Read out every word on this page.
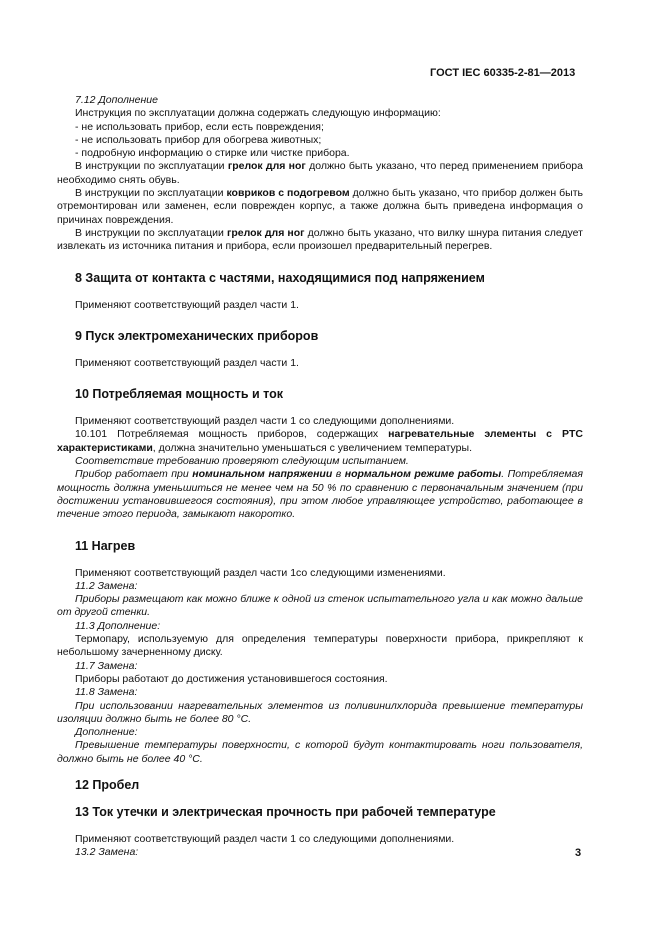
ГОСТ IEC 60335-2-81—2013

7.12 Дополнение

Инструкция по эксплуатации должна содержать следующую информацию:

- не использовать прибор, если есть повреждения;

- не использовать прибор для обогрева животных;

- подробную информацию о стирке или чистке прибора.

В инструкции по эксплуатации грелок для ног должно быть указано, что перед применением прибора необходимо снять обувь.

В инструкции по эксплуатации ковриков с подогревом должно быть указано, что прибор должен быть отремонтирован или заменен, если поврежден корпус, а также должна быть приведена информация о причинах повреждения.

В инструкции по эксплуатации грелок для ног должно быть указано, что вилку шнура питания следует извлекать из источника питания и прибора, если произошел предварительный перегрев.

8 Защита от контакта с частями, находящимися под напряжением

Применяют соответствующий раздел части 1.

9 Пуск электромеханических приборов

Применяют соответствующий раздел части 1.

10 Потребляемая мощность и ток

Применяют соответствующий раздел части 1 со следующими дополнениями.

10.101 Потребляемая мощность приборов, содержащих нагревательные элементы с PTC характеристиками, должна значительно уменьшаться с увеличением температуры.

Соответствие требованию проверяют следующим испытанием.

Прибор работает при номинальном напряжении в нормальном режиме работы. Потребляемая мощность должна уменьшиться не менее чем на 50 % по сравнению с первоначальным значением (при достижении установившегося состояния), при этом любое управляющее устройство, работающее в течение этого периода, замыкают накоротко.

11 Нагрев

Применяют соответствующий раздел части 1со следующими изменениями.

11.2 Замена:

Приборы размещают как можно ближе к одной из стенок испытательного угла и как можно дальше от другой стенки.

11.3 Дополнение:

Термопару, используемую для определения температуры поверхности прибора, прикрепляют к небольшому зачерненному диску.

11.7 Замена:

Приборы работают до достижения установившегося состояния.

11.8 Замена:

При использовании нагревательных элементов из поливинилхлорида превышение температуры изоляции должно быть не более 80 °С.

Дополнение:

Превышение температуры поверхности, с которой будут контактировать ноги пользователя, должно быть не более 40 °С.

12 Пробел

13 Ток утечки и электрическая прочность при рабочей температуре

Применяют соответствующий раздел части 1 со следующими дополнениями.

13.2 Замена:	3
